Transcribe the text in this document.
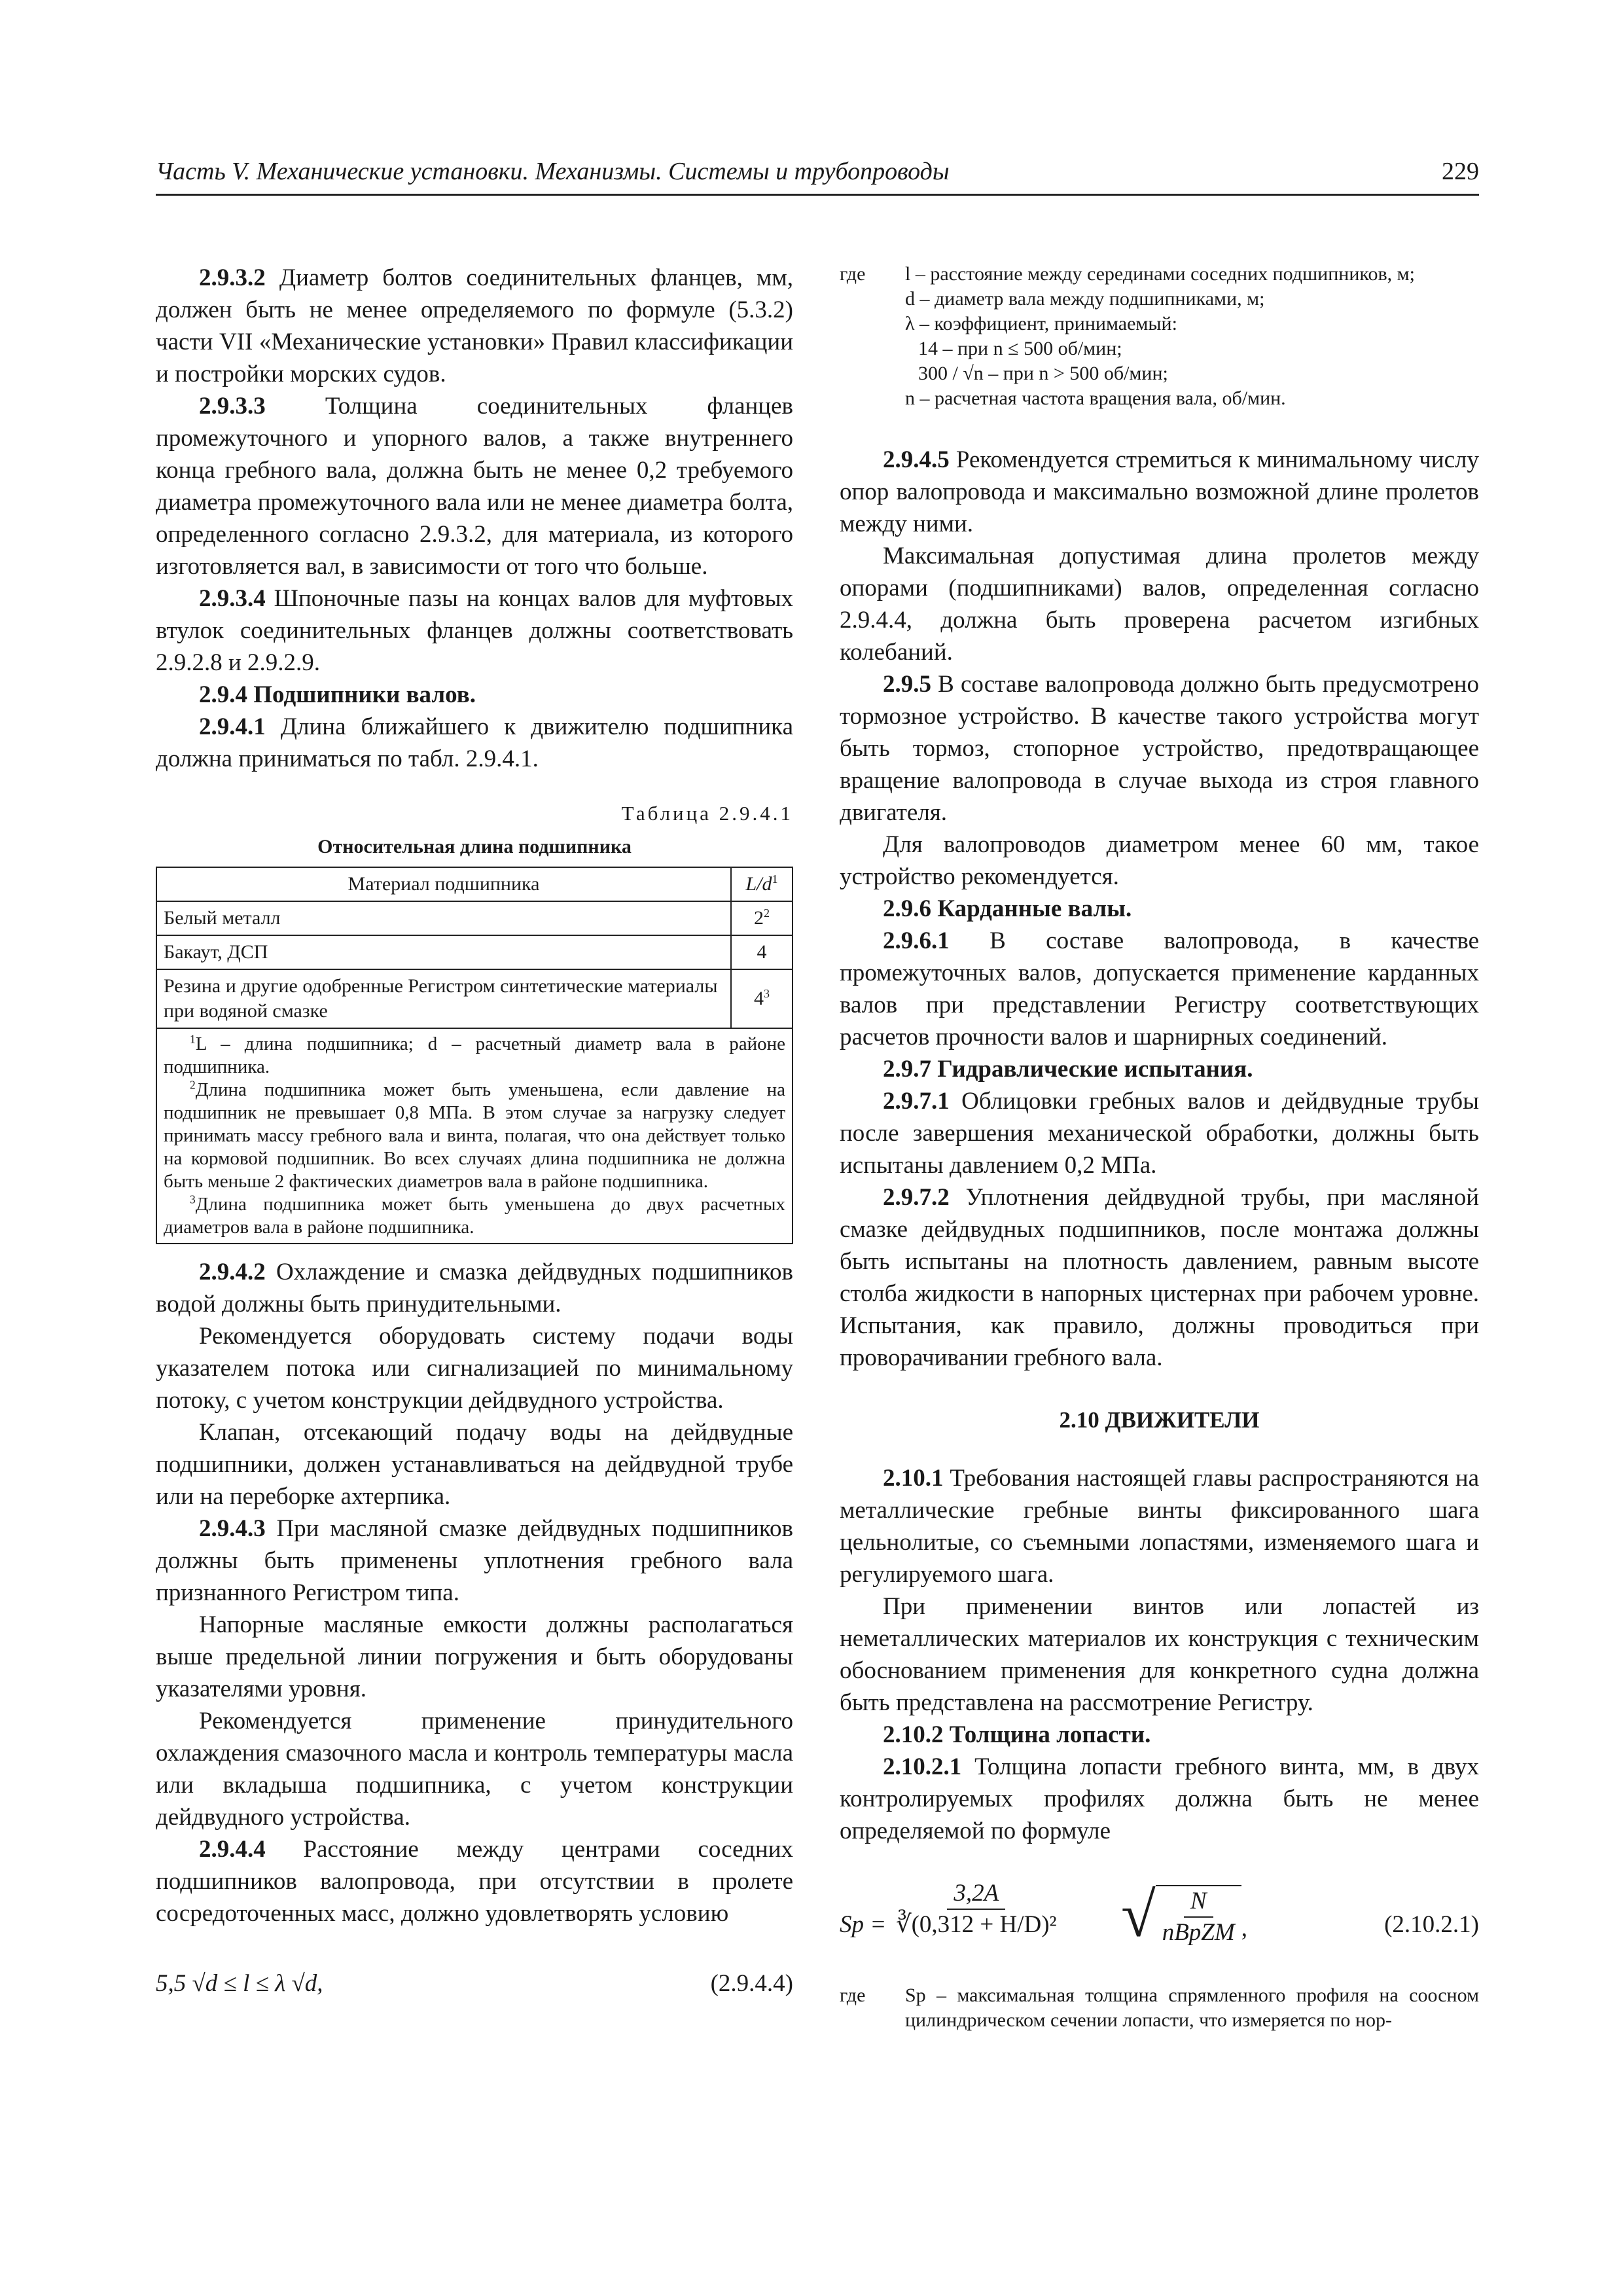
Часть V. Механические установки. Механизмы. Системы и трубопроводы	229

2.9.3.2 Диаметр болтов соединительных фланцев, мм, должен быть не менее определяемого по формуле (5.3.2) части VII «Механические установки» Правил классификации и постройки морских судов.

2.9.3.3 Толщина соединительных фланцев промежуточного и упорного валов, а также внутреннего конца гребного вала, должна быть не менее 0,2 требуемого диаметра промежуточного вала или не менее диаметра болта, определенного согласно 2.9.3.2, для материала, из которого изготовляется вал, в зависимости от того что больше.

2.9.3.4 Шпоночные пазы на концах валов для муфтовых втулок соединительных фланцев должны соответствовать 2.9.2.8 и 2.9.2.9.

2.9.4 Подшипники валов.

2.9.4.1 Длина ближайшего к движителю подшипника должна приниматься по табл. 2.9.4.1.

Таблица 2.9.4.1
Относительная длина подшипника
Материал подшипника	$L/d^1$
Белый металл	$2^2$
Бакаут, ДСП	4
Резина и другие одобренные Регистром синтетические материалы при водяной смазке	$4^3$

$^1$L – длина подшипника; d – расчетный диаметр вала в районе подшипника.

$^2$Длина подшипника может быть уменьшена, если давление на подшипник не превышает 0,8 МПа. В этом случае за нагрузку следует принимать массу гребного вала и винта, полагая, что она действует только на кормовой подшипник. Во всех случаях длина подшипника не должна быть меньше 2 фактических диаметров вала в районе подшипника.

$^3$Длина подшипника может быть уменьшена до двух расчетных диаметров вала в районе подшипника.	

2.9.4.2 Охлаждение и смазка дейдвудных подшипников водой должны быть принудительными.

Рекомендуется оборудовать систему подачи воды указателем потока или сигнализацией по минимальному потоку, с учетом конструкции дейдвудного устройства.

Клапан, отсекающий подачу воды на дейдвудные подшипники, должен устанавливаться на дейдвудной трубе или на переборке ахтерпика.

2.9.4.3 При масляной смазке дейдвудных подшипников должны быть применены уплотнения гребного вала признанного Регистром типа.

Напорные масляные емкости должны располагаться выше предельной линии погружения и быть оборудованы указателями уровня.

Рекомендуется применение принудительного охлаждения смазочного масла и контроль температуры масла или вкладыша подшипника, с учетом конструкции дейдвудного устройства.

2.9.4.4 Расстояние между центрами соседних подшипников валопровода, при отсутствии в пролете сосредоточенных масс, должно удовлетворять условию

5,5 √d ≤ l ≤ λ √d,	(2.9.4.4)
где l – расстояние между серединами соседних подшипников, м;
d – диаметр вала между подшипниками, м;
λ – коэффициент, принимаемый:
14 – при n ≤ 500 об/мин;
300 / √n – при n > 500 об/мин;
n – расчетная частота вращения вала, об/мин.

2.9.4.5 Рекомендуется стремиться к минимальному числу опор валопровода и максимально возможной длине пролетов между ними.

Максимальная допустимая длина пролетов между опорами (подшипниками) валов, определенная согласно 2.9.4.4, должна быть проверена расчетом изгибных колебаний.

2.9.5 В составе валопровода должно быть предусмотрено тормозное устройство. В качестве такого устройства могут быть тормоз, стопорное устройство, предотвращающее вращение валопровода в случае выхода из строя главного двигателя.

Для валопроводов диаметром менее 60 мм, такое устройство рекомендуется.

2.9.6 Карданные валы.

2.9.6.1 В составе валопровода, в качестве промежуточных валов, допускается применение карданных валов при представлении Регистру соответствующих расчетов прочности валов и шарнирных соединений.

2.9.7 Гидравлические испытания.

2.9.7.1 Облицовки гребных валов и дейдвудные трубы после завершения механической обработки, должны быть испытаны давлением 0,2 МПа.

2.9.7.2 Уплотнения дейдвудной трубы, при масляной смазке дейдвудных подшипников, после монтажа должны быть испытаны на плотность давлением, равным высоте столба жидкости в напорных цистернах при рабочем уровне. Испытания, как правило, должны проводиться при проворачивании гребного вала.

2.10 ДВИЖИТЕЛИ

2.10.1 Требования настоящей главы распространяются на металлические гребные винты фиксированного шага цельнолитые, со съемными лопастями, изменяемого шага и регулируемого шага.

При применении винтов или лопастей из неметаллических материалов их конструкция с техническим обоснованием применения для конкретного судна должна быть представлена на рассмотрение Регистру.

2.10.2 Толщина лопасти.

2.10.2.1 Толщина лопасти гребного винта, мм, в двух контролируемых профилях должна быть не менее определяемой по формуле

$Sp = \frac{3,2A}{\text{∛(0,312 + H/D)²}}$ √ $\frac{N}{\text{nBpZM}}$ ,	(2.10.2.1)
где Sp – максимальная толщина спрямленного профиля на соосном цилиндрическом сечении лопасти, что измеряется по нор-
